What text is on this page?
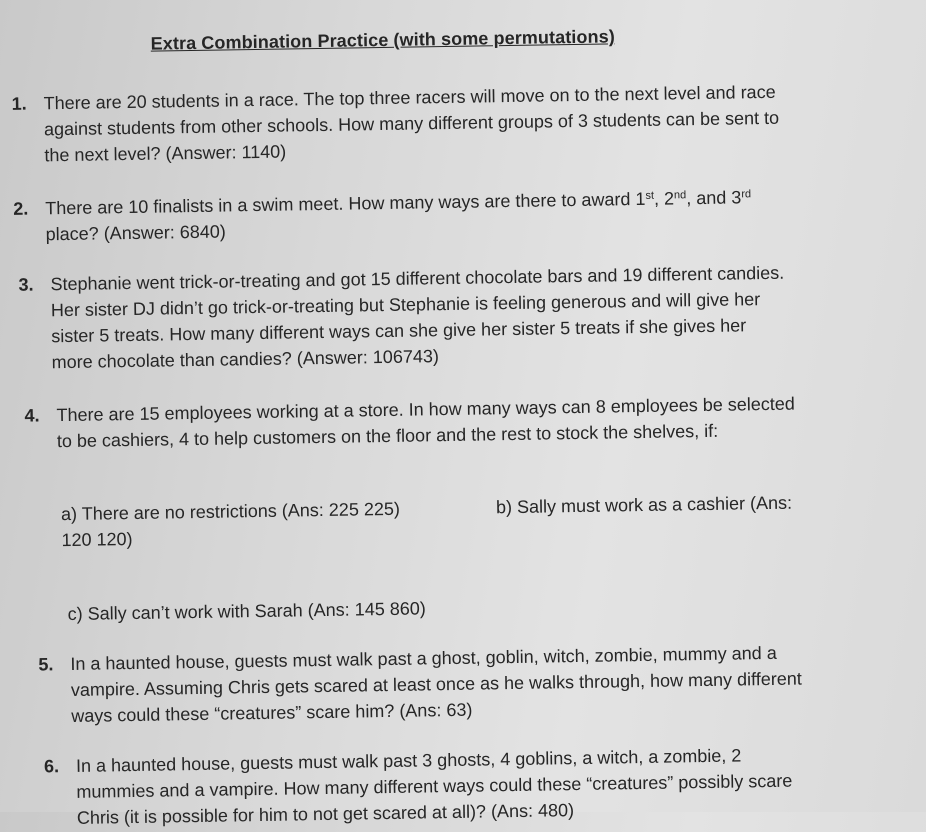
Extra Combination Practice (with some permutations)
1. There are 20 students in a race. The top three racers will move on to the next level and race against students from other schools. How many different groups of 3 students can be sent to the next level? (Answer: 1140)
2. There are 10 finalists in a swim meet. How many ways are there to award 1st, 2nd, and 3rd place? (Answer: 6840)
3. Stephanie went trick-or-treating and got 15 different chocolate bars and 19 different candies. Her sister DJ didn’t go trick-or-treating but Stephanie is feeling generous and will give her sister 5 treats. How many different ways can she give her sister 5 treats if she gives her more chocolate than candies? (Answer: 106743)
4. There are 15 employees working at a store. In how many ways can 8 employees be selected to be cashiers, 4 to help customers on the floor and the rest to stock the shelves, if:
a) There are no restrictions (Ans: 225 225)
120 120)
b) Sally must work as a cashier (Ans:
c) Sally can’t work with Sarah (Ans: 145 860)
5. In a haunted house, guests must walk past a ghost, goblin, witch, zombie, mummy and a vampire. Assuming Chris gets scared at least once as he walks through, how many different ways could these “creatures” scare him? (Ans: 63)
6. In a haunted house, guests must walk past 3 ghosts, 4 goblins, a witch, a zombie, 2 mummies and a vampire. How many different ways could these “creatures” possibly scare Chris (it is possible for him to not get scared at all)? (Ans: 480)
